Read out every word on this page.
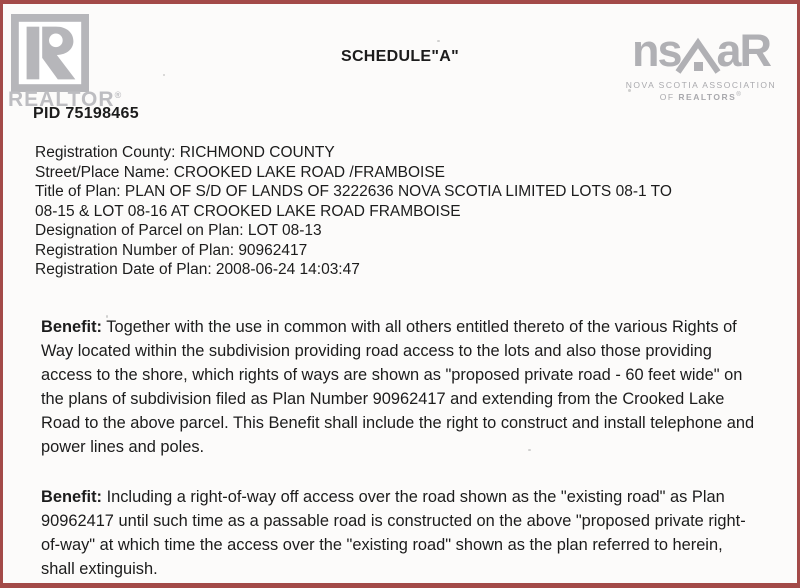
REALTOR®
SCHEDULE"A"	ns aR
NOVA SCOTIA ASSOCIATION
OF REALTORS®
PID 75198465
Registration County: RICHMOND COUNTY
Street/Place Name: CROOKED LAKE ROAD /FRAMBOISE
Title of Plan: PLAN OF S/D OF LANDS OF 3222636 NOVA SCOTIA LIMITED LOTS 08-1 TO
08-15 & LOT 08-16 AT CROOKED LAKE ROAD FRAMBOISE
Designation of Parcel on Plan: LOT 08-13
Registration Number of Plan: 90962417
Registration Date of Plan: 2008-06-24 14:03:47
Benefit: Together with the use in common with all others entitled thereto of the various Rights of Way located within the subdivision providing road access to the lots and also those providing access to the shore, which rights of ways are shown as "proposed private road - 60 feet wide" on the plans of subdivision filed as Plan Number 90962417 and extending from the Crooked Lake Road to the above parcel. This Benefit shall include the right to construct and install telephone and power lines and poles.
Benefit: Including a right-of-way off access over the road shown as the "existing road" as Plan 90962417 until such time as a passable road is constructed on the above "proposed private right-of-way" at which time the access over the "existing road" shown as the plan referred to herein, shall extinguish.
